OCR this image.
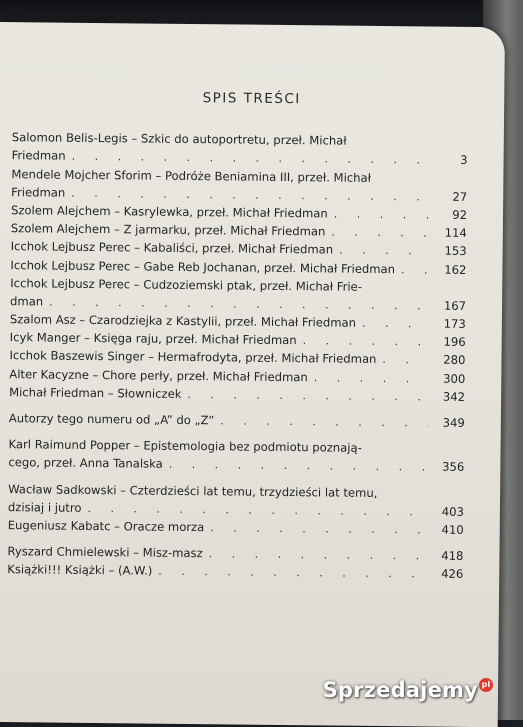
SPIS TREŚCI
Salomon Belis-Legis – Szkic do autoportretu, przeł. Michał
Friedman . . .	3
Mendele Mojcher Sforim – Podróże Beniamina III, przeł. Michał
Friedman . . .	27
Szolem Alejchem – Kasrylewka, przeł. Michał Friedman . . .	92
Szolem Alejchem – Z jarmarku, przeł. Michał Friedman . . .	114
Icchok Lejbusz Perec – Kabaliści, przeł. Michał Friedman . . .	153
Icchok Lejbusz Perec – Gabe Reb Jochanan, przeł. Michał Friedman . . .	162
Icchok Lejbusz Perec – Cudzoziemski ptak, przeł. Michał Frie-
dman . . .	167
Szalom Asz – Czarodziejka z Kastylii, przeł. Michał Friedman . . .	173
Icyk Manger – Księga raju, przeł. Michał Friedman . . .	196
Icchok Baszewis Singer – Hermafrodyta, przeł. Michał Friedman . . .	280
Alter Kacyzne – Chore perły, przeł. Michał Friedman . . .	300
Michał Friedman – Słowniczek . . .	342
Autorzy tego numeru od „A” do „Z” . . .	349
Karl Raimund Popper – Epistemologia bez podmiotu poznają-
cego, przeł. Anna Tanalska . . .	356
Wacław Sadkowski – Czterdzieści lat temu, trzydzieści lat temu,
dzisiaj i jutro . . .	403
Eugeniusz Kabatc – Oracze morza . . .	410
Ryszard Chmielewski – Misz-masz . . .	418
Książki!!! Książki – (A.W.) . . .	426
Sprzedajemy pl
